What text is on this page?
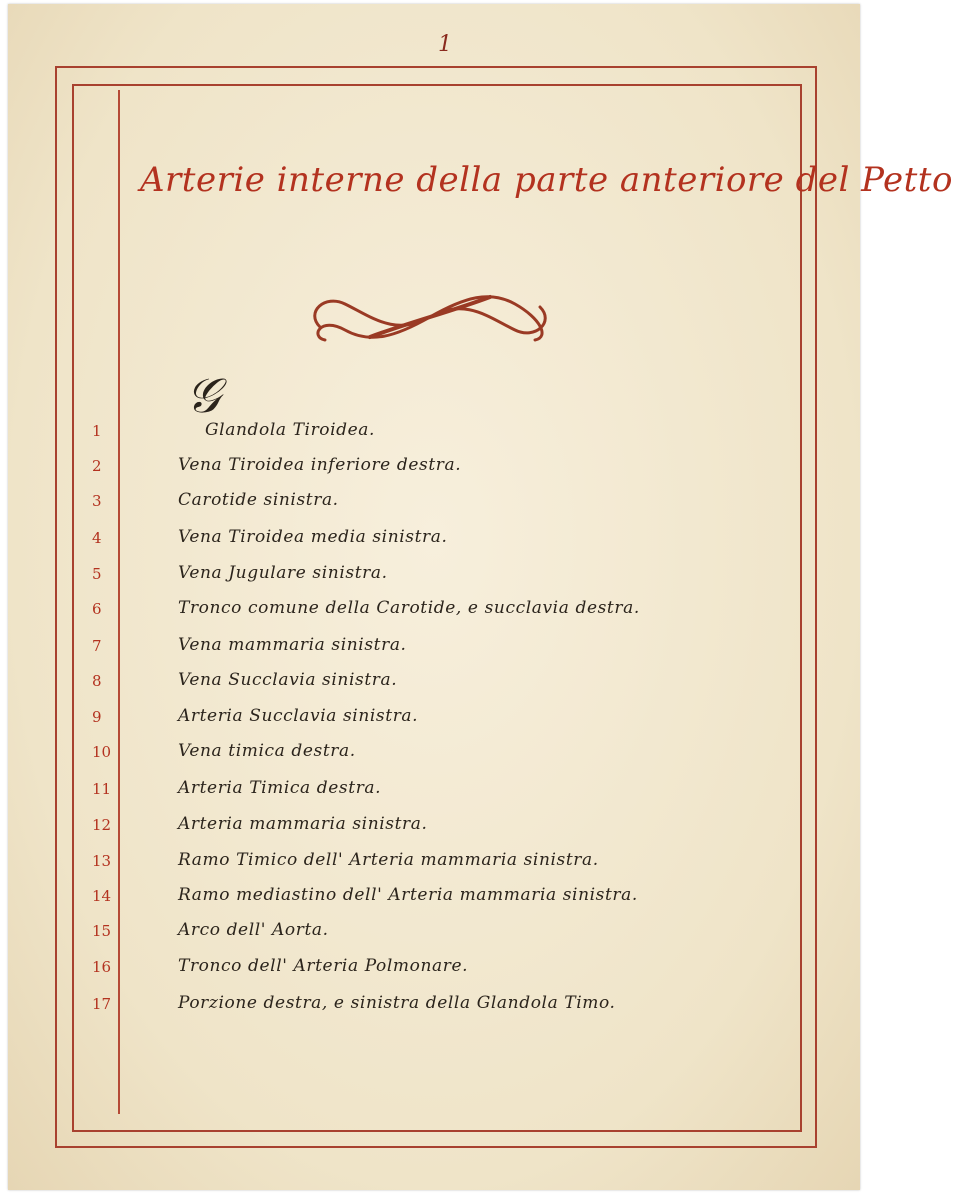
1
Arterie interne della parte anteriore del Petto
𝒢
1	Glandola Tiroidea.
2	Vena Tiroidea inferiore destra.
3	Carotide sinistra.
4	Vena Tiroidea media sinistra.
5	Vena Jugulare sinistra.
6	Tronco comune della Carotide, e succlavia destra.
7	Vena mammaria sinistra.
8	Vena Succlavia sinistra.
9	Arteria Succlavia sinistra.
10	Vena timica destra.
11	Arteria Timica destra.
12	Arteria mammaria sinistra.
13	Ramo Timico dell' Arteria mammaria sinistra.
14	Ramo mediastino dell' Arteria mammaria sinistra.
15	Arco dell' Aorta.
16	Tronco dell' Arteria Polmonare.
17	Porzione destra, e sinistra della Glandola Timo.
